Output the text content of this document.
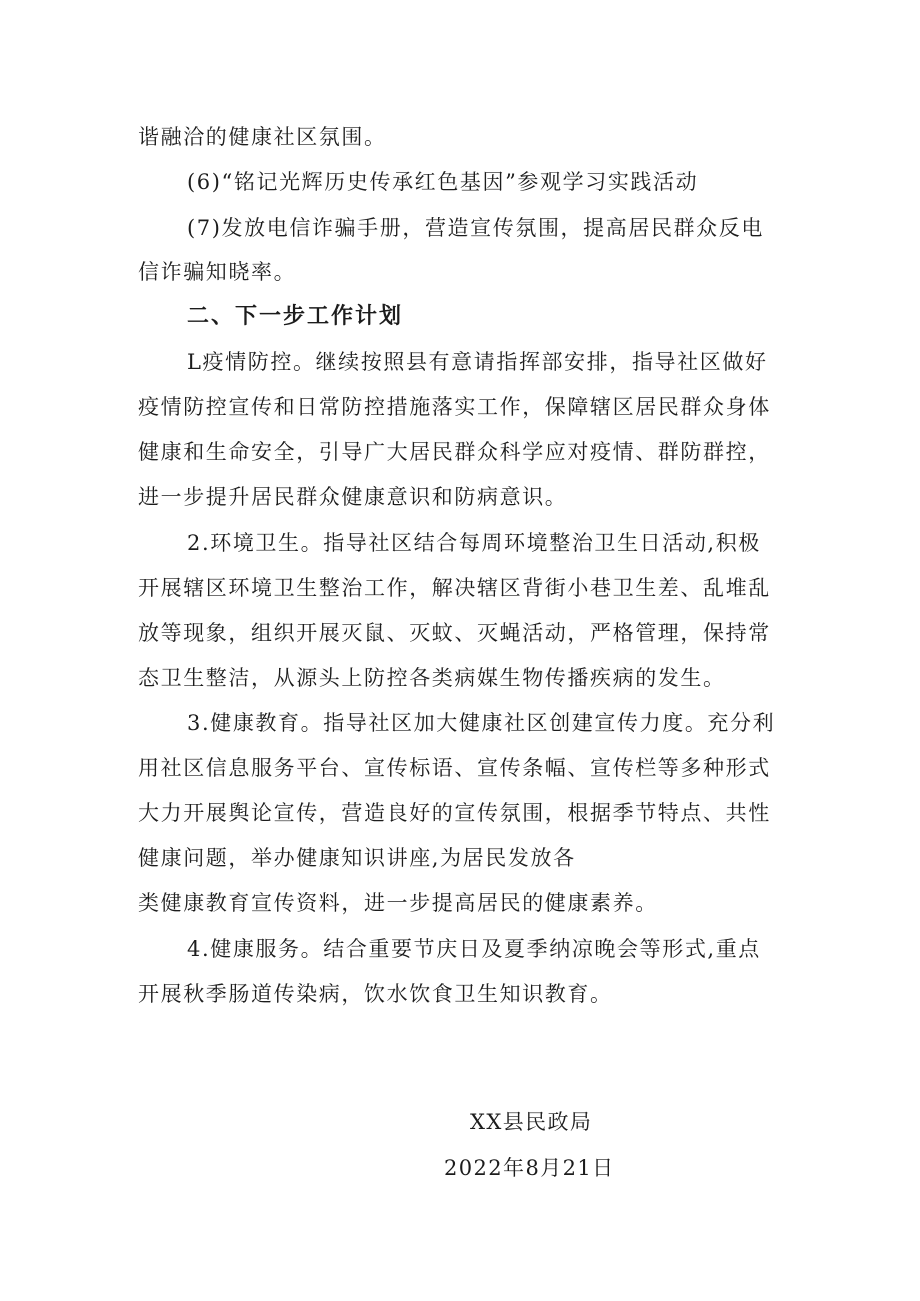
谐融洽的健康社区氛围。
(6)“铭记光辉历史传承红色基因”参观学习实践活动
(7)发放电信诈骗手册，营造宣传氛围，提高居民群众反电
信诈骗知晓率。
二、下一步工作计划
L疫情防控。继续按照县有意请指挥部安排，指导社区做好
疫情防控宣传和日常防控措施落实工作，保障辖区居民群众身体
健康和生命安全，引导广大居民群众科学应对疫情、群防群控，
进一步提升居民群众健康意识和防病意识。
2.环境卫生。指导社区结合每周环境整治卫生日活动,积极
开展辖区环境卫生整治工作，解决辖区背街小巷卫生差、乱堆乱
放等现象，组织开展灭鼠、灭蚊、灭蝇活动，严格管理，保持常
态卫生整洁，从源头上防控各类病媒生物传播疾病的发生。
3.健康教育。指导社区加大健康社区创建宣传力度。充分利
用社区信息服务平台、宣传标语、宣传条幅、宣传栏等多种形式
大力开展舆论宣传，营造良好的宣传氛围，根据季节特点、共性
健康问题，举办健康知识讲座,为居民发放各
类健康教育宣传资料，进一步提高居民的健康素养。
4.健康服务。结合重要节庆日及夏季纳凉晚会等形式,重点
开展秋季肠道传染病，饮水饮食卫生知识教育。
XX县民政局
2022年8月21日
